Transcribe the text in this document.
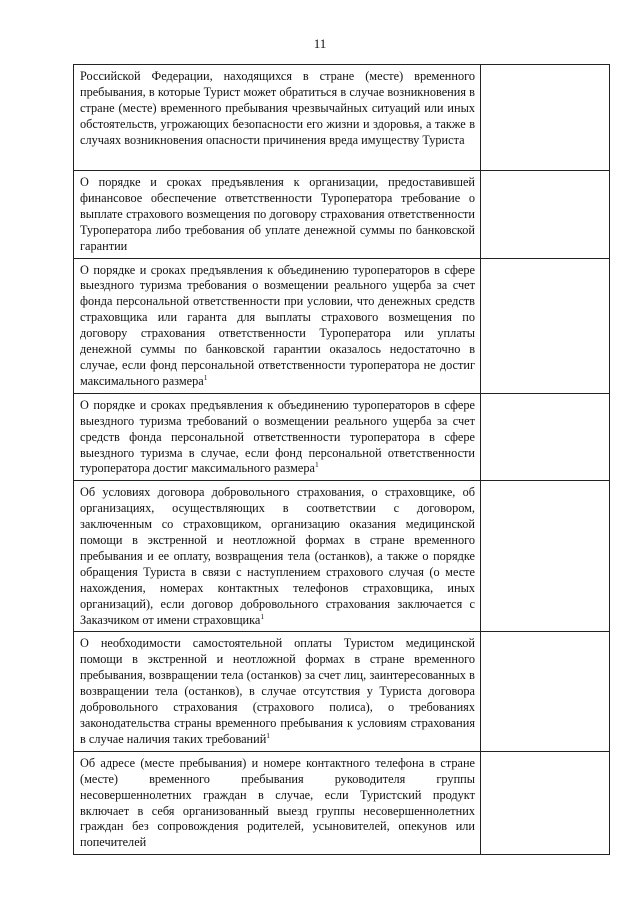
11
Российской Федерации, находящихся в стране (месте) временного пребывания, в которые Турист может обратиться в случае возникновения в стране (месте) временного пребывания чрезвычайных ситуаций или иных обстоятельств, угрожающих безопасности его жизни и здоровья, а также в случаях возникновения опасности причинения вреда имуществу Туриста	

О порядке и сроках предъявления к организации, предоставившей финансовое обеспечение ответственности Туроператора требование о выплате страхового возмещения по договору страхования ответственности Туроператора либо требования об уплате денежной суммы по банковской гарантии	

О порядке и сроках предъявления к объединению туроператоров в сфере выездного туризма требования о возмещении реального ущерба за счет фонда персональной ответственности при условии, что денежных средств страховщика или гаранта для выплаты страхового возмещения по договору страхования ответственности Туроператора или уплаты денежной суммы по банковской гарантии оказалось недостаточно в случае, если фонд персональной ответственности туроператора не достиг максимального размера$^1$

О порядке и сроках предъявления к объединению туроператоров в сфере выездного туризма требований о возмещении реального ущерба за счет средств фонда персональной ответственности туроператора в сфере выездного туризма в случае, если фонд персональной ответственности туроператора достиг максимального размера$^1$

Об условиях договора добровольного страхования, о страховщике, об организациях, осуществляющих в соответствии с договором, заключенным со страховщиком, организацию оказания медицинской помощи в экстренной и неотложной формах в стране временного пребывания и ее оплату, возвращения тела (останков), а также о порядке обращения Туриста в связи с наступлением страхового случая (о месте нахождения, номерах контактных телефонов страховщика, иных организаций), если договор добровольного страхования заключается с Заказчиком от имени страховщика$^1$

О необходимости самостоятельной оплаты Туристом медицинской помощи в экстренной и неотложной формах в стране временного пребывания, возвращении тела (останков) за счет лиц, заинтересованных в возвращении тела (останков), в случае отсутствия у Туриста договора добровольного страхования (страхового полиса), о требованиях законодательства страны временного пребывания к условиям страхования в случае наличия таких требований$^1$

Об адресе (месте пребывания) и номере контактного телефона в стране (месте) временного пребывания руководителя группы несовершеннолетних граждан в случае, если Туристский продукт включает в себя организованный выезд группы несовершеннолетних граждан без сопровождения родителей, усыновителей, опекунов или попечителей	
